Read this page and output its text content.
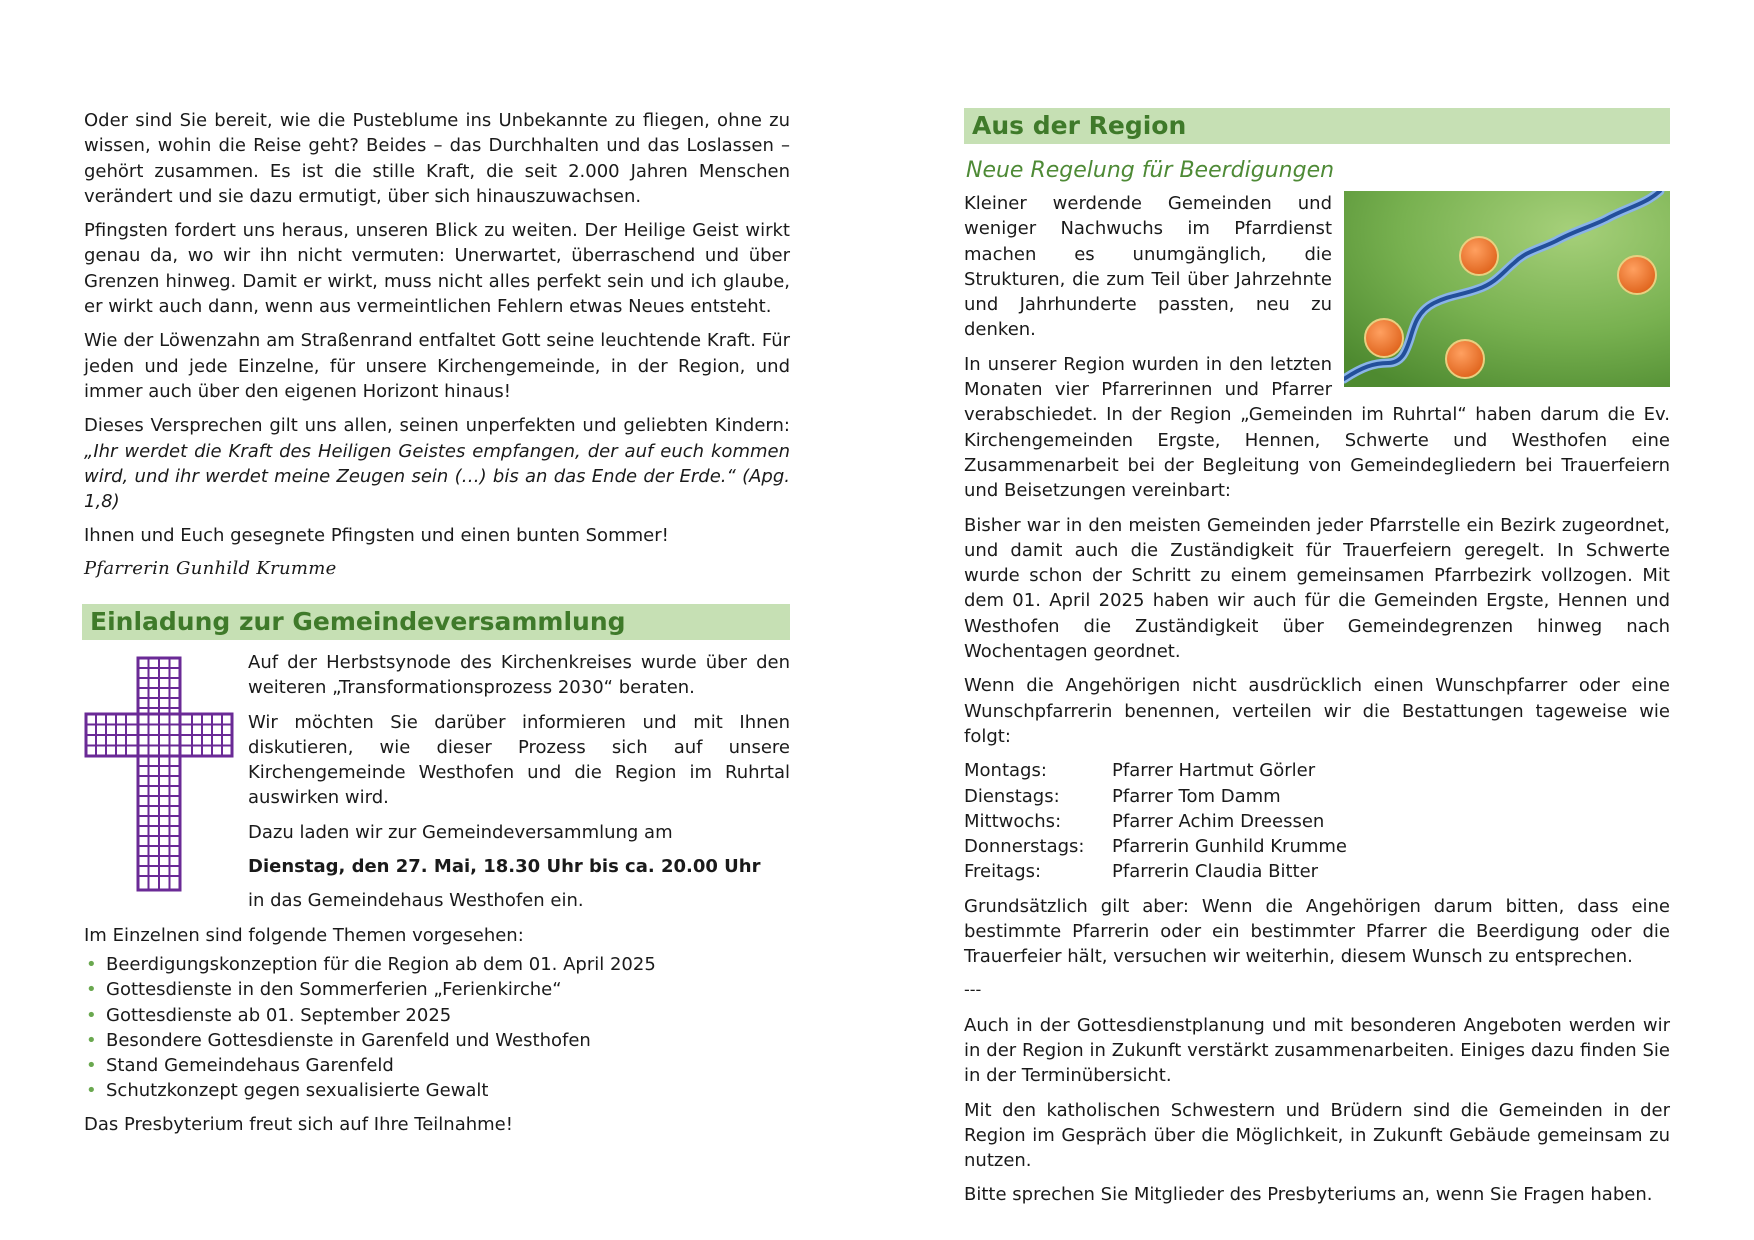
Oder sind Sie bereit, wie die Pusteblume ins Unbekannte zu fliegen, ohne zu wissen, wohin die Reise geht? Beides – das Durchhalten und das Loslassen – gehört zusammen. Es ist die stille Kraft, die seit 2.000 Jahren Menschen verändert und sie dazu ermutigt, über sich hinauszuwachsen.

Pfingsten fordert uns heraus, unseren Blick zu weiten. Der Heilige Geist wirkt genau da, wo wir ihn nicht vermuten: Unerwartet, überraschend und über Grenzen hinweg. Damit er wirkt, muss nicht alles perfekt sein und ich glaube, er wirkt auch dann, wenn aus vermeintlichen Fehlern etwas Neues entsteht.

Wie der Löwenzahn am Straßenrand entfaltet Gott seine leuchtende Kraft. Für jeden und jede Einzelne, für unsere Kirchengemeinde, in der Region, und immer auch über den eigenen Horizont hinaus!

Dieses Versprechen gilt uns allen, seinen unperfekten und geliebten Kindern: „Ihr werdet die Kraft des Heiligen Geistes empfangen, der auf euch kommen wird, und ihr werdet meine Zeugen sein (…) bis an das Ende der Erde.“ (Apg. 1,8)

Ihnen und Euch gesegnete Pfingsten und einen bunten Sommer!

Pfarrerin Gunhild Krumme
Einladung zur Gemeindeversammlung

Auf der Herbstsynode des Kirchenkreises wurde über den weiteren „Transformationsprozess 2030“ beraten.

Wir möchten Sie darüber informieren und mit Ihnen diskutieren, wie dieser Prozess sich auf unsere Kirchengemeinde Westhofen und die Region im Ruhrtal auswirken wird.

Dazu laden wir zur Gemeindeversammlung am

Dienstag, den 27. Mai, 18.30 Uhr bis ca. 20.00 Uhr

in das Gemeindehaus Westhofen ein.

Im Einzelnen sind folgende Themen vorgesehen:

• Beerdigungskonzeption für die Region ab dem 01. April 2025
• Gottesdienste in den Sommerferien „Ferienkirche“
• Gottesdienste ab 01. September 2025
• Besondere Gottesdienste in Garenfeld und Westhofen
• Stand Gemeindehaus Garenfeld
• Schutzkonzept gegen sexualisierte Gewalt

Das Presbyterium freut sich auf Ihre Teilnahme!

Aus der Region
Neue Regelung für Beerdigungen

Kleiner werdende Gemeinden und weniger Nachwuchs im Pfarrdienst machen es unumgänglich, die Strukturen, die zum Teil über Jahrzehnte und Jahrhunderte passten, neu zu denken.

In unserer Region wurden in den letzten Monaten vier Pfarrerinnen und Pfarrer verabschiedet. In der Region „Gemeinden im Ruhrtal“ haben darum die Ev. Kirchengemeinden Ergste, Hennen, Schwerte und Westhofen eine Zusammenarbeit bei der Begleitung von Gemeindegliedern bei Trauerfeiern und Beisetzungen vereinbart:

Bisher war in den meisten Gemeinden jeder Pfarrstelle ein Bezirk zugeordnet, und damit auch die Zuständigkeit für Trauerfeiern geregelt. In Schwerte wurde schon der Schritt zu einem gemeinsamen Pfarrbezirk vollzogen. Mit dem 01. April 2025 haben wir auch für die Gemeinden Ergste, Hennen und Westhofen die Zuständigkeit über Gemeindegrenzen hinweg nach Wochentagen geordnet.

Wenn die Angehörigen nicht ausdrücklich einen Wunschpfarrer oder eine Wunschpfarrerin benennen, verteilen wir die Bestattungen tageweise wie folgt:

Montags:	Pfarrer Hartmut Görler
Dienstags:	Pfarrer Tom Damm
Mittwochs:	Pfarrer Achim Dreessen
Donnerstags:	Pfarrerin Gunhild Krumme
Freitags:	Pfarrerin Claudia Bitter

Grundsätzlich gilt aber: Wenn die Angehörigen darum bitten, dass eine bestimmte Pfarrerin oder ein bestimmter Pfarrer die Beerdigung oder die Trauerfeier hält, versuchen wir weiterhin, diesem Wunsch zu entsprechen.

---

Auch in der Gottesdienstplanung und mit besonderen Angeboten werden wir in der Region in Zukunft verstärkt zusammenarbeiten. Einiges dazu finden Sie in der Terminübersicht.

Mit den katholischen Schwestern und Brüdern sind die Gemeinden in der Region im Gespräch über die Möglichkeit, in Zukunft Gebäude gemeinsam zu nutzen.

Bitte sprechen Sie Mitglieder des Presbyteriums an, wenn Sie Fragen haben.
